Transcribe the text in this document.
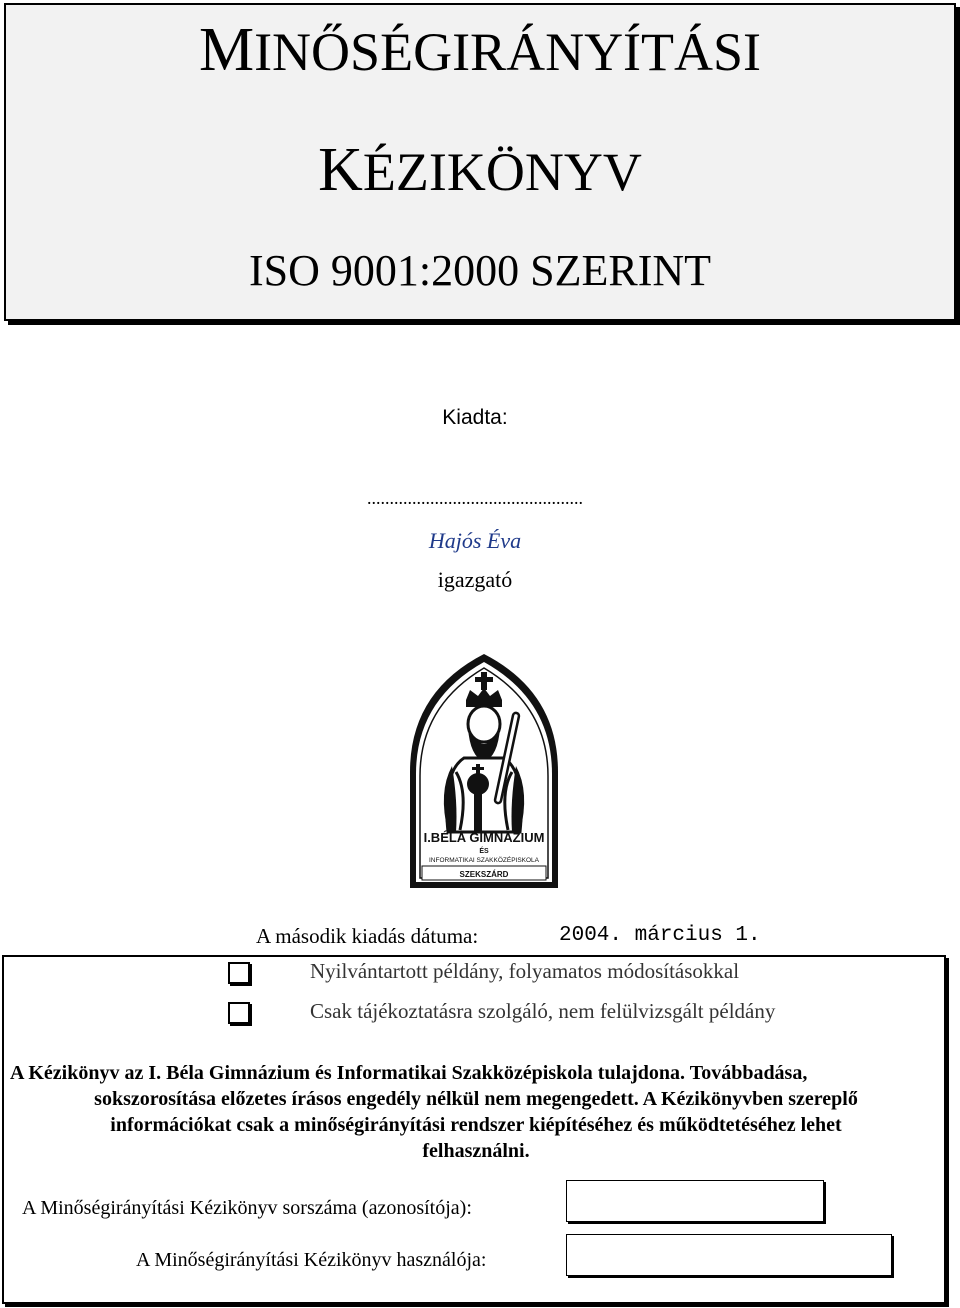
MINŐSÉGIRÁNYÍTÁSI
KÉZIKÖNYV
ISO 9001:2000 SZERINT
Kiadta:
................................................
Hajós Éva
igazgató
I.BÉLA GIMNÁZIUM
ÉS
INFORMATIKAI SZAKKÖZÉPISKOLA
SZEKSZÁRD
A második kiadás dátuma:	2004. március 1.
Nyilvántartott példány, folyamatos módosításokkal
Csak tájékoztatásra szolgáló, nem felülvizsgált példány
A Kézikönyv az I. Béla Gimnázium és Informatikai Szakközépiskola tulajdona. Továbbadása,
sokszorosítása előzetes írásos engedély nélkül nem megengedett. A Kézikönyvben szereplő
információkat csak a minőségirányítási rendszer kiépítéséhez és működtetéséhez lehet
felhasználni.
A Minőségirányítási Kézikönyv sorszáma (azonosítója):
A Minőségirányítási Kézikönyv használója:
